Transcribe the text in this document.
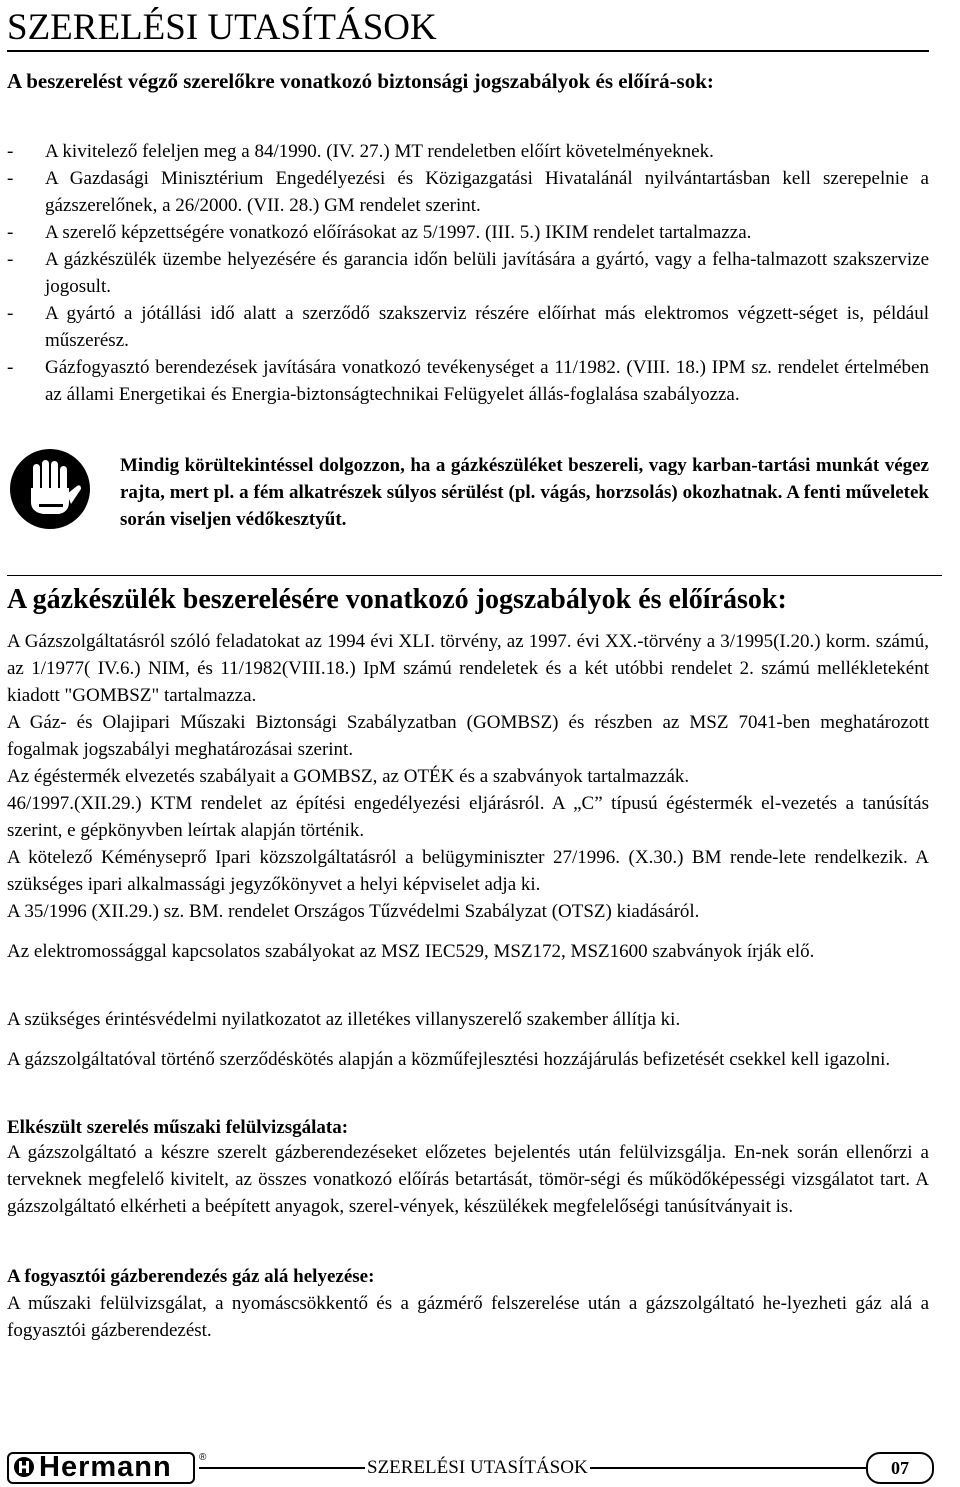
SZERELÉSI UTASÍTÁSOK

A beszerelést végző szerelőkre vonatkozó biztonsági jogszabályok és előírá-sok:

- A kivitelező feleljen meg a 84/1990. (IV. 27.) MT rendeletben előírt követelményeknek.
- A Gazdasági Minisztérium Engedélyezési és Közigazgatási Hivatalánál nyilvántartásban kell szerepelnie a gázszerelőnek, a 26/2000. (VII. 28.) GM rendelet szerint.
- A szerelő képzettségére vonatkozó előírásokat az 5/1997. (III. 5.) IKIM rendelet tartalmazza.
- A gázkészülék üzembe helyezésére és garancia időn belüli javítására a gyártó, vagy a felha-talmazott szakszervize jogosult.
- A gyártó a jótállási idő alatt a szerződő szakszerviz részére előírhat más elektromos végzett-séget is, például műszerész.
- Gázfogyasztó berendezések javítására vonatkozó tevékenységet a 11/1982. (VIII. 18.) IPM sz. rendelet értelmében az állami Energetikai és Energia-biztonságtechnikai Felügyelet állás-foglalása szabályozza.

Mindig körültekintéssel dolgozzon, ha a gázkészüléket beszereli, vagy karban-tartási munkát végez rajta, mert pl. a fém alkatrészek súlyos sérülést (pl. vágás, horzsolás) okozhatnak. A fenti műveletek során viseljen védőkesztyűt.

A gázkészülék beszerelésére vonatkozó jogszabályok és előírások:

A Gázszolgáltatásról szóló feladatokat az 1994 évi XLI. törvény, az 1997. évi XX.-törvény a 3/1995(I.20.) korm. számú, az 1/1977( IV.6.) NIM, és 11/1982(VIII.18.) IpM számú rendeletek és a két utóbbi rendelet 2. számú mellékleteként kiadott "GOMBSZ" tartalmazza.

A Gáz- és Olajipari Műszaki Biztonsági Szabályzatban (GOMBSZ) és részben az MSZ 7041-ben meghatározott fogalmak jogszabályi meghatározásai szerint.

Az égéstermék elvezetés szabályait a GOMBSZ, az OTÉK és a szabványok tartalmazzák.

46/1997.(XII.29.) KTM rendelet az építési engedélyezési eljárásról. A „C” típusú égéstermék el-vezetés a tanúsítás szerint, e gépkönyvben leírtak alapján történik.

A kötelező Kéményseprő Ipari közszolgáltatásról a belügyminiszter 27/1996. (X.30.) BM rende-lete rendelkezik. A szükséges ipari alkalmassági jegyzőkönyvet a helyi képviselet adja ki.

A 35/1996 (XII.29.) sz. BM. rendelet Országos Tűzvédelmi Szabályzat (OTSZ) kiadásáról.

Az elektromossággal kapcsolatos szabályokat az MSZ IEC529, MSZ172, MSZ1600 szabványok írják elő.

A szükséges érintésvédelmi nyilatkozatot az illetékes villanyszerelő szakember állítja ki.

A gázszolgáltatóval történő szerződéskötés alapján a közműfejlesztési hozzájárulás befizetését csekkel kell igazolni.

Elkészült szerelés műszaki felülvizsgálata:

A gázszolgáltató a készre szerelt gázberendezéseket előzetes bejelentés után felülvizsgálja. En-nek során ellenőrzi a terveknek megfelelő kivitelt, az összes vonatkozó előírás betartását, tömör-ségi és működőképességi vizsgálatot tart. A gázszolgáltató elkérheti a beépített anyagok, szerel-vények, készülékek megfelelőségi tanúsítványait is.

A fogyasztói gázberendezés gáz alá helyezése:

A műszaki felülvizsgálat, a nyomáscsökkentő és a gázmérő felszerelése után a gázszolgáltató he-lyezheti gáz alá a fogyasztói gázberendezést.

Hermann	®	SZERELÉSI UTASÍTÁSOK	07
